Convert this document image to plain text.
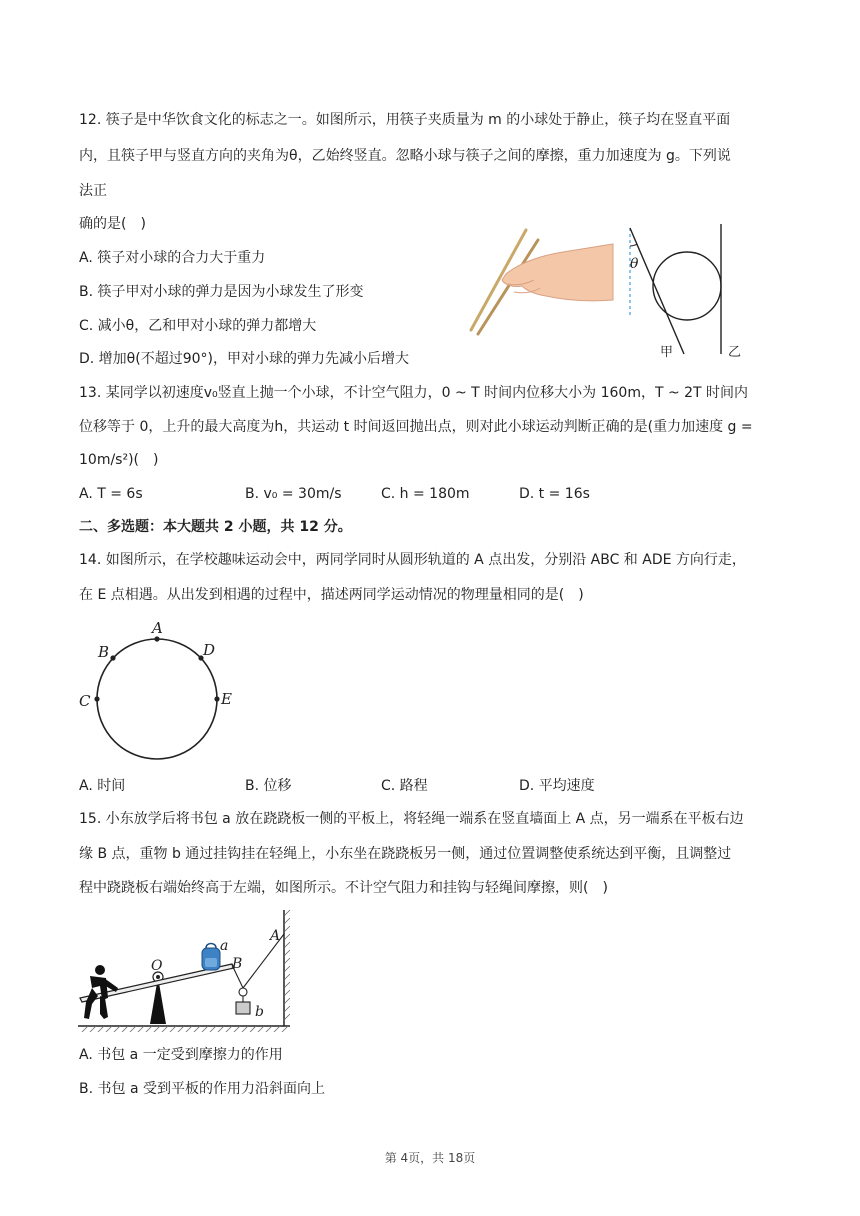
12. 筷子是中华饮食文化的标志之一。如图所示，用筷子夹质量为 m 的小球处于静止，筷子均在竖直平面
内，且筷子甲与竖直方向的夹角为θ，乙始终竖直。忽略小球与筷子之间的摩擦，重力加速度为 g。下列说
法正
确的是(　)
A. 筷子对小球的合力大于重力
B. 筷子甲对小球的弹力是因为小球发生了形变
C. 减小θ，乙和甲对小球的弹力都增大
D. 增加θ(不超过90°)，甲对小球的弹力先减小后增大
θ
甲	乙
13. 某同学以初速度v₀竖直上抛一个小球，不计空气阻力，0 ~ T 时间内位移大小为 160m，T ~ 2T 时间内
位移等于 0，上升的最大高度为h，共运动 t 时间返回抛出点，则对此小球运动判断正确的是(重力加速度 g =
10m/s²)(　)
A. T = 6s	B. v₀ = 30m/s	C. h = 180m	D. t = 16s
二、多选题：本大题共 2 小题，共 12 分。
14. 如图所示，在学校趣味运动会中，两同学同时从圆形轨道的 A 点出发，分别沿 ABC 和 ADE 方向行走，
在 E 点相遇。从出发到相遇的过程中，描述两同学运动情况的物理量相同的是(　)
A
B
C
D
E
A. 时间	B. 位移	C. 路程	D. 平均速度
15. 小东放学后将书包 a 放在跷跷板一侧的平板上，将轻绳一端系在竖直墙面上 A 点，另一端系在平板右边
缘 B 点，重物 b 通过挂钩挂在轻绳上，小东坐在跷跷板另一侧，通过位置调整使系统达到平衡，且调整过
程中跷跷板右端始终高于左端，如图所示。不计空气阻力和挂钩与轻绳间摩擦，则(　)
O
a
B
A
b
A. 书包 a 一定受到摩擦力的作用
B. 书包 a 受到平板的作用力沿斜面向上
第 4页，共 18页
